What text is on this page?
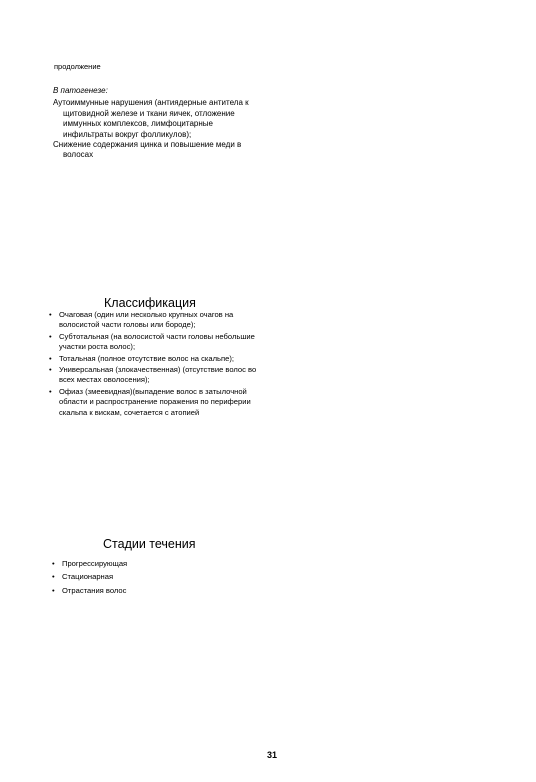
продолжение
В патогенезе:
Аутоиммунные нарушения (антиядерные антитела к щитовидной железе и ткани яичек, отложение иммунных комплексов, лимфоцитарные инфильтраты вокруг фолликулов);
Снижение содержания цинка и повышение меди в волосах
Классификация
• Очаговая (один или несколько крупных очагов на волосистой части головы или бороде);
• Субтотальная (на волосистой части головы небольшие участки роста волос);
• Тотальная (полное отсутствие волос на скальпе);
• Универсальная (злокачественная) (отсутствие волос во всех местах оволосения);
• Офиаз (змеевидная)(выпадение волос в затылочной области и распространение поражения по периферии скальпа к вискам, сочетается с атопией
Стадии течения
• Прогрессирующая
• Стационарная
• Отрастания волос
31
